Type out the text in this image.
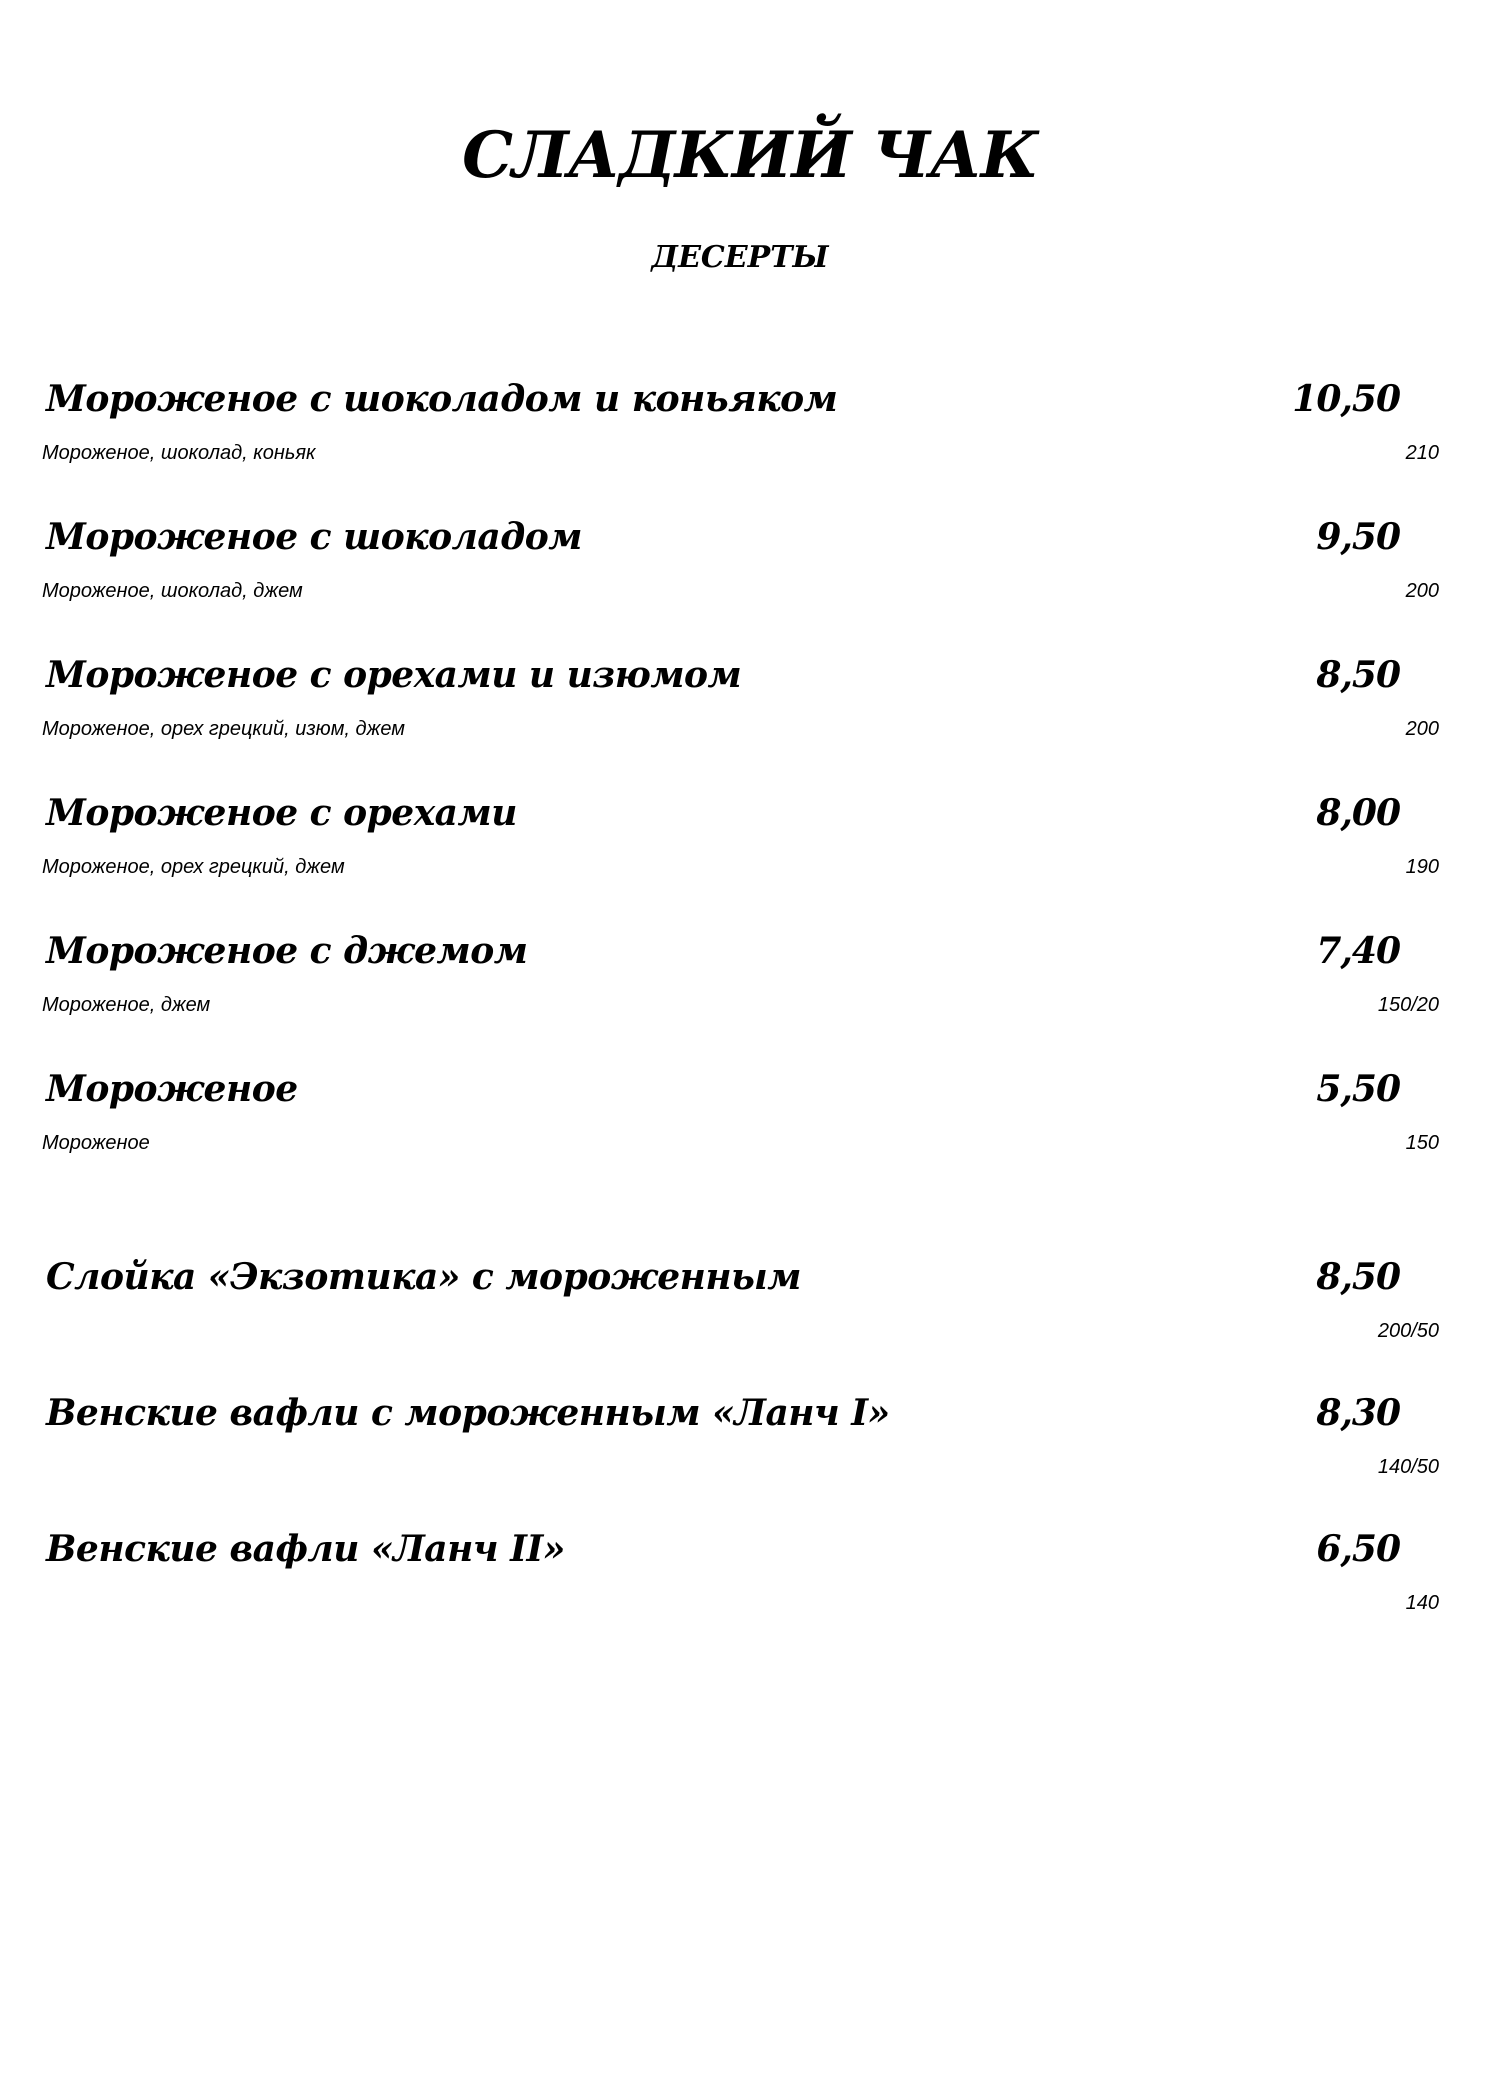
СЛАДКИЙ ЧАК
ДЕСЕРТЫ
Мороженое с шоколадом и коньяком	10,50
Мороженое, шоколад, коньяк	210
Мороженое с шоколадом	9,50
Мороженое, шоколад, джем	200
Мороженое с орехами и изюмом	8,50
Мороженое, орех грецкий, изюм, джем	200
Мороженое с орехами	8,00
Мороженое, орех грецкий, джем	190
Мороженое с джемом	7,40
Мороженое, джем	150/20
Мороженое	5,50
Мороженое	150
Слойка «Экзотика» с мороженным	8,50
200/50
Венские вафли с мороженным «Ланч I»	8,30
140/50
Венские вафли «Ланч II»	6,50
140
